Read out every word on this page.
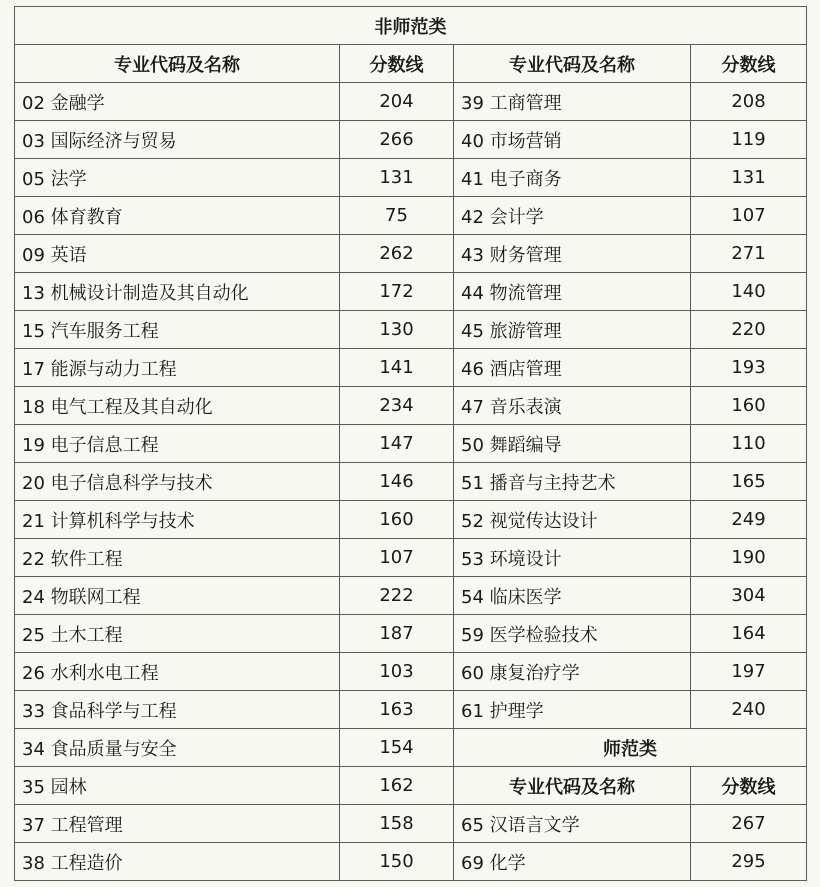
非师范类			
专业代码及名称	分数线	专业代码及名称	分数线
02 金融学	204	39 工商管理	208
03 国际经济与贸易	266	40 市场营销	119
05 法学	131	41 电子商务	131
06 体育教育	75	42 会计学	107
09 英语	262	43 财务管理	271
13 机械设计制造及其自动化	172	44 物流管理	140
15 汽车服务工程	130	45 旅游管理	220
17 能源与动力工程	141	46 酒店管理	193
18 电气工程及其自动化	234	47 音乐表演	160
19 电子信息工程	147	50 舞蹈编导	110
20 电子信息科学与技术	146	51 播音与主持艺术	165
21 计算机科学与技术	160	52 视觉传达设计	249
22 软件工程	107	53 环境设计	190
24 物联网工程	222	54 临床医学	304
25 土木工程	187	59 医学检验技术	164
26 水利水电工程	103	60 康复治疗学	197
33 食品科学与工程	163	61 护理学	240
34 食品质量与安全	154	师范类	
35 园林	162	专业代码及名称	分数线
37 工程管理	158	65 汉语言文学	267
38 工程造价	150	69 化学	295
